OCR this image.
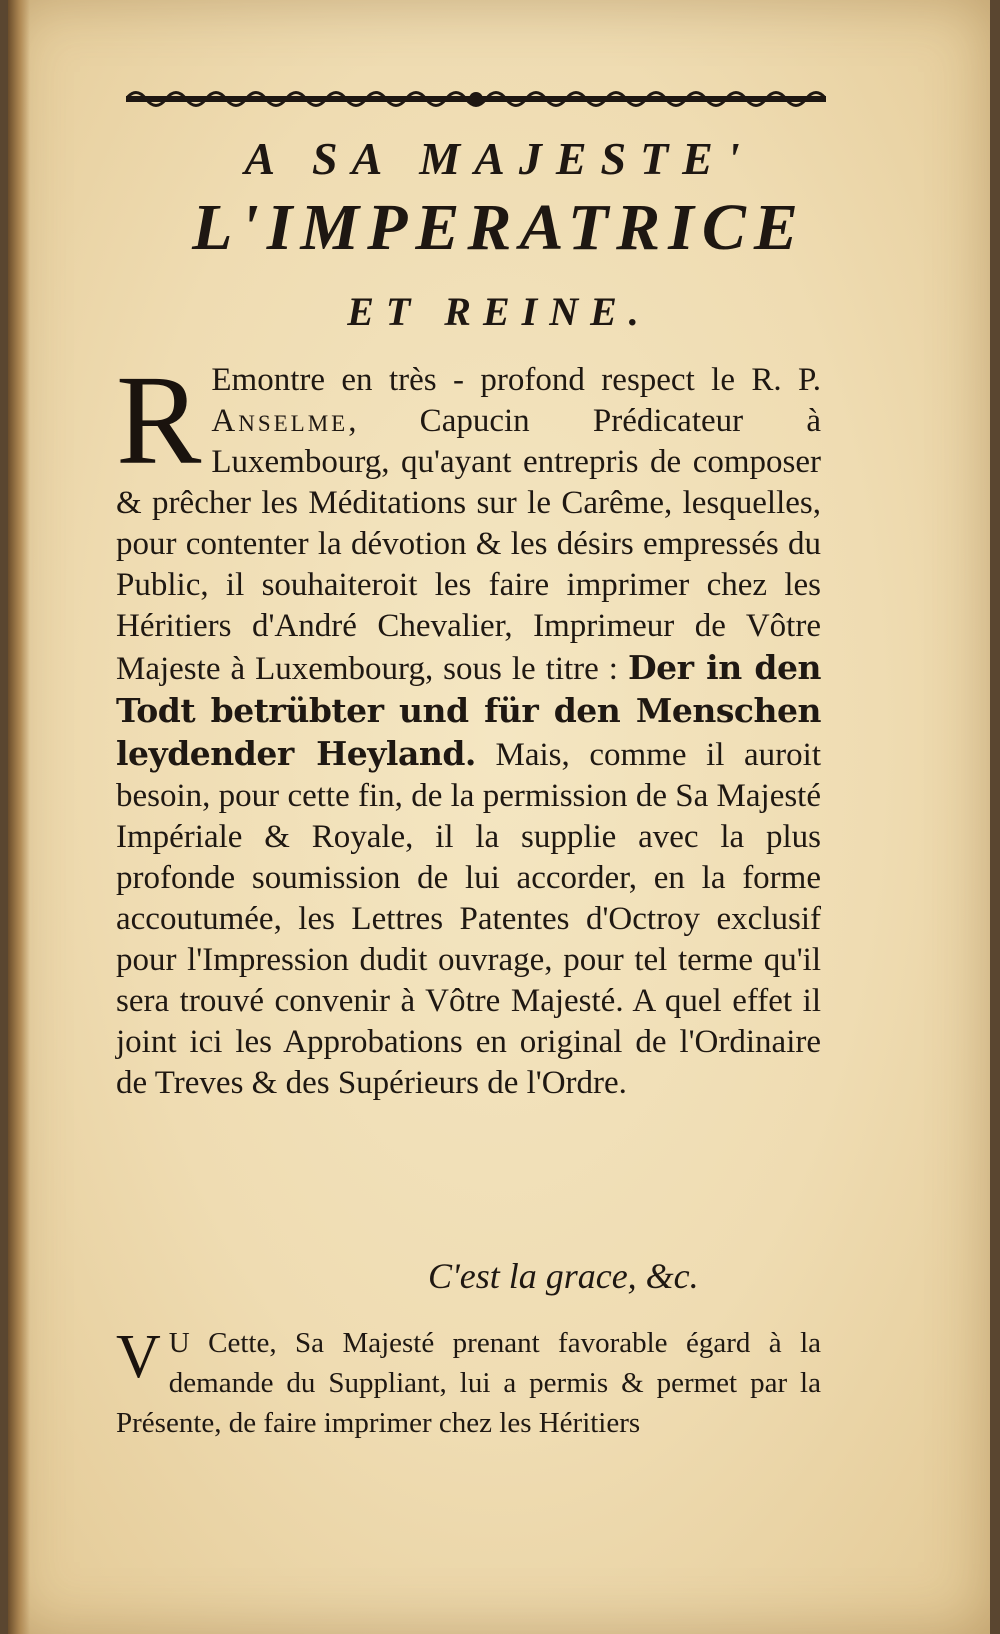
A SA MAJESTE'
L'IMPERATRICE
ET REINE.

R Emontre en très - profond respect le R. P. Anselme, Capucin Prédicateur à Luxembourg, qu'ayant entrepris de composer & prêcher les Méditations sur le Carême, lesquelles, pour contenter la dévotion & les désirs empressés du Public, il souhaiteroit les faire imprimer chez les Héritiers d'André Chevalier, Imprimeur de Vôtre Majeste à Luxembourg, sous le titre : Der in den Todt betrübter und für den Menschen leydender Heyland. Mais, comme il auroit besoin, pour cette fin, de la permission de Sa Majesté Impériale & Royale, il la supplie avec la plus profonde soumission de lui accorder, en la forme accoutumée, les Lettres Patentes d'Octroy exclusif pour l'Impression dudit ouvrage, pour tel terme qu'il sera trouvé convenir à Vôtre Majesté. A quel effet il joint ici les Approbations en original de l'Ordinaire de Treves & des Supérieurs de l'Ordre.

C'est la grace, &c.

V U Cette, Sa Majesté prenant favorable égard à la demande du Suppliant, lui a permis & permet par la Présente, de faire imprimer chez les Héritiers
